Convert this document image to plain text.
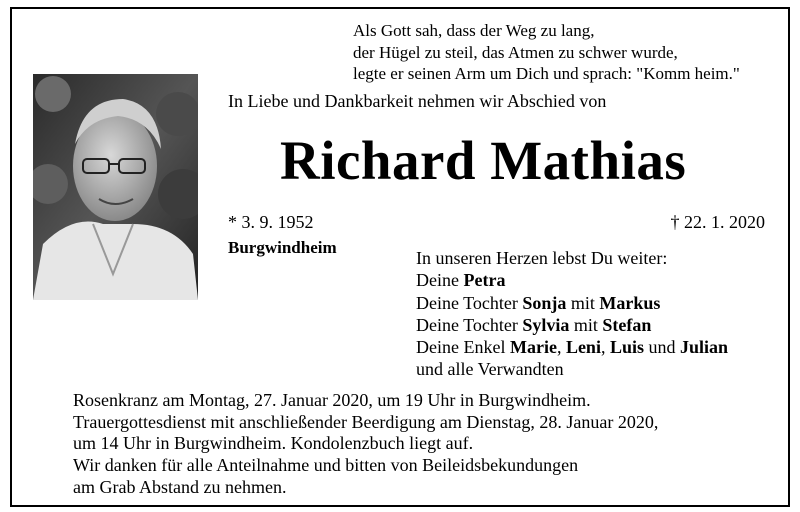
Als Gott sah, dass der Weg zu lang,
der Hügel zu steil, das Atmen zu schwer wurde,
legte er seinen Arm um Dich und sprach: "Komm heim."
In Liebe und Dankbarkeit nehmen wir Abschied von
Richard Mathias
* 3. 9. 1952	† 22. 1. 2020
Burgwindheim
In unseren Herzen lebst Du weiter:
Deine Petra
Deine Tochter Sonja mit Markus
Deine Tochter Sylvia mit Stefan
Deine Enkel Marie, Leni, Luis und Julian
und alle Verwandten
Rosenkranz am Montag, 27. Januar 2020, um 19 Uhr in Burgwindheim.
Trauergottesdienst mit anschließender Beerdigung am Dienstag, 28. Januar 2020,
um 14 Uhr in Burgwindheim. Kondolenzbuch liegt auf.
Wir danken für alle Anteilnahme und bitten von Beileidsbekundungen
am Grab Abstand zu nehmen.
